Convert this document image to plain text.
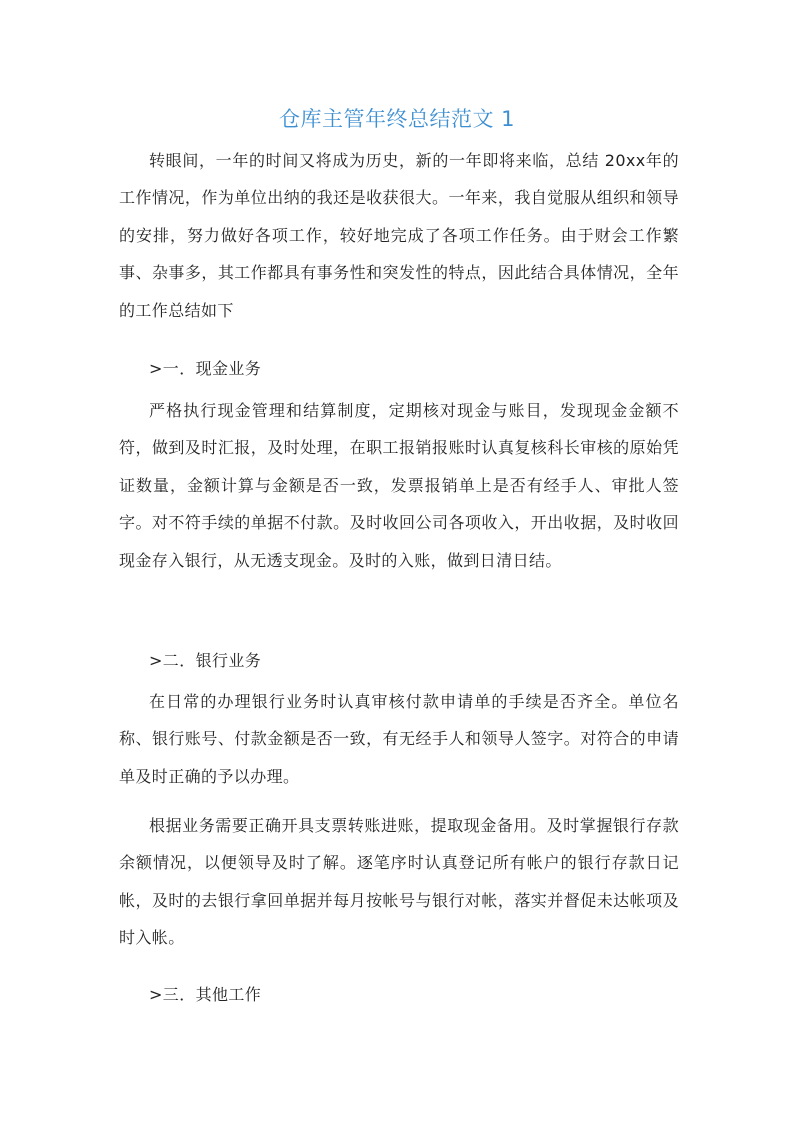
仓库主管年终总结范文 1

转眼间，一年的时间又将成为历史，新的一年即将来临，总结 20xx年的工作情况，作为单位出纳的我还是收获很大。一年来，我自觉服从组织和领导的安排，努力做好各项工作，较好地完成了各项工作任务。由于财会工作繁事、杂事多，其工作都具有事务性和突发性的特点，因此结合具体情况，全年的工作总结如下

>一．现金业务

严格执行现金管理和结算制度，定期核对现金与账目，发现现金金额不符，做到及时汇报，及时处理，在职工报销报账时认真复核科长审核的原始凭证数量，金额计算与金额是否一致，发票报销单上是否有经手人、审批人签字。对不符手续的单据不付款。及时收回公司各项收入，开出收据，及时收回现金存入银行，从无透支现金。及时的入账，做到日清日结。

>二．银行业务

在日常的办理银行业务时认真审核付款申请单的手续是否齐全。单位名称、银行账号、付款金额是否一致，有无经手人和领导人签字。对符合的申请单及时正确的予以办理。

根据业务需要正确开具支票转账进账，提取现金备用。及时掌握银行存款余额情况，以便领导及时了解。逐笔序时认真登记所有帐户的银行存款日记帐，及时的去银行拿回单据并每月按帐号与银行对帐，落实并督促未达帐项及时入帐。

>三．其他工作
